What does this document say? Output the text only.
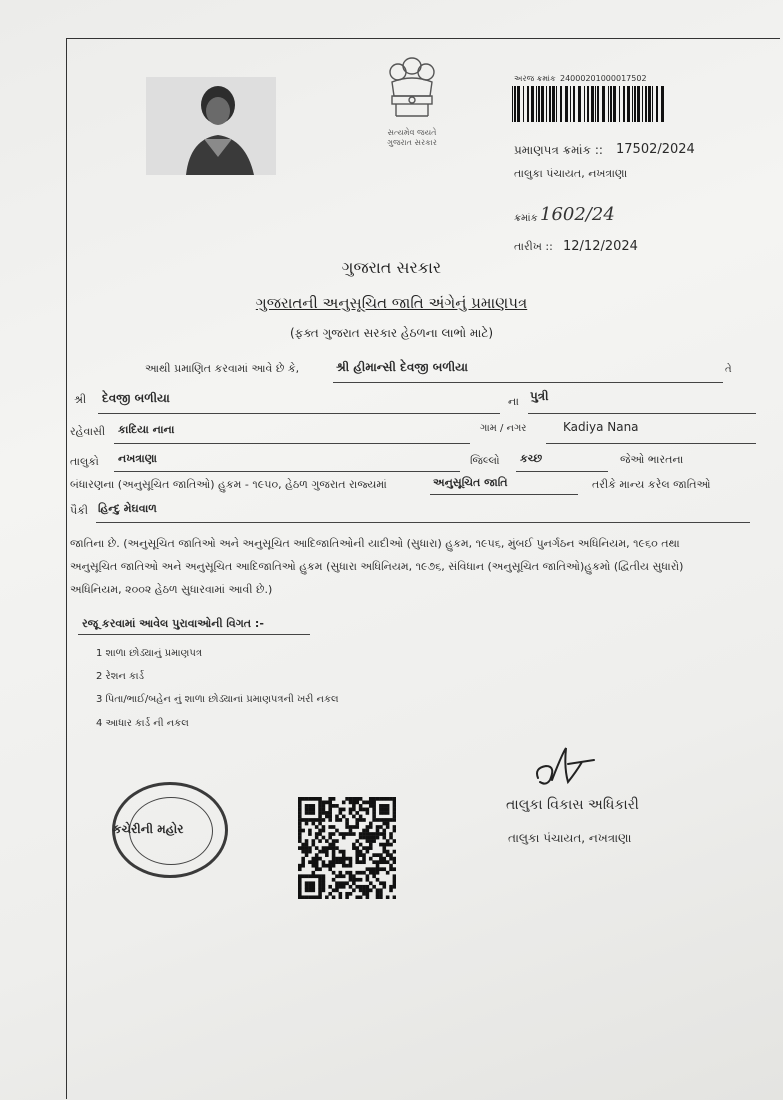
સત્યમેવ જયતે
ગુજરાત સરકાર
અરજ ક્રમાંક 24000201000017502
પ્રમાણપત્ર ક્રમાંક :: 17502/2024
તાલુકા પંચાયત, નખત્રાણા
ક્રમાંક 1602/24
તારીખ :: 12/12/2024
ગુજરાત સરકાર
ગુજરાતની અનુસૂચિત જાતિ અંગેનું પ્રમાણપત્ર
(ફક્ત ગુજરાત સરકાર હેઠળના લાભો માટે)
આથી પ્રમાણિત કરવામાં આવે છે કે,	શ્રી હીમાન્સી દેવજી બળીયા	તે
શ્રી દેવજી બળીયા	ના પુત્રી
રહેવાસી કાદિયા નાના	ગામ / નગર	Kadiya Nana
તાલુકો નખત્રાણા	જિલ્લો કચ્છ	જેઓ ભારતના
બંધારણના (અનુસૂચિત જાતિઓ) હુકમ - ૧૯૫૦, હેઠળ ગુજરાત રાજ્યમાં	અનુસૂચિત જાતિ	તરીકે માન્ય કરેલ જાતિઓ
પૈકી હિન્દુ મેઘવાળ
જાતિના છે. (અનુસૂચિત જાતિઓ અને અનુસૂચિત આદિજાતિઓની યાદીઓ (સુધારા) હુકમ, ૧૯૫૬, મુંબઈ પુનર્ગઠન અધિનિયમ, ૧૯૬૦ તથા
અનુસૂચિત જાતિઓ અને અનુસૂચિત આદિજાતિઓ હુકમ (સુધારા અધિનિયમ, ૧૯૭૬, સંવિધાન (અનુસૂચિત જાતિઓ)હુકમો (દ્વિતીય સુધારો)
અધિનિયમ, ૨૦૦૨ હેઠળ સુધારવામાં આવી છે.)
રજૂ કરવામાં આવેલ પુરાવાઓની વિગત :-
1 શાળા છોડ્યાનું પ્રમાણપત્ર
2 રેશન કાર્ડ
3 પિતા/ભાઈ/બહેન નું શાળા છોડ્યાનાં પ્રમાણપત્રની ખરી નકલ
4 આધાર કાર્ડ ની નકલ
કચેરીની મહોર
તાલુકા વિકાસ અધિકારી
તાલુકા પંચાયત, નખત્રાણા
